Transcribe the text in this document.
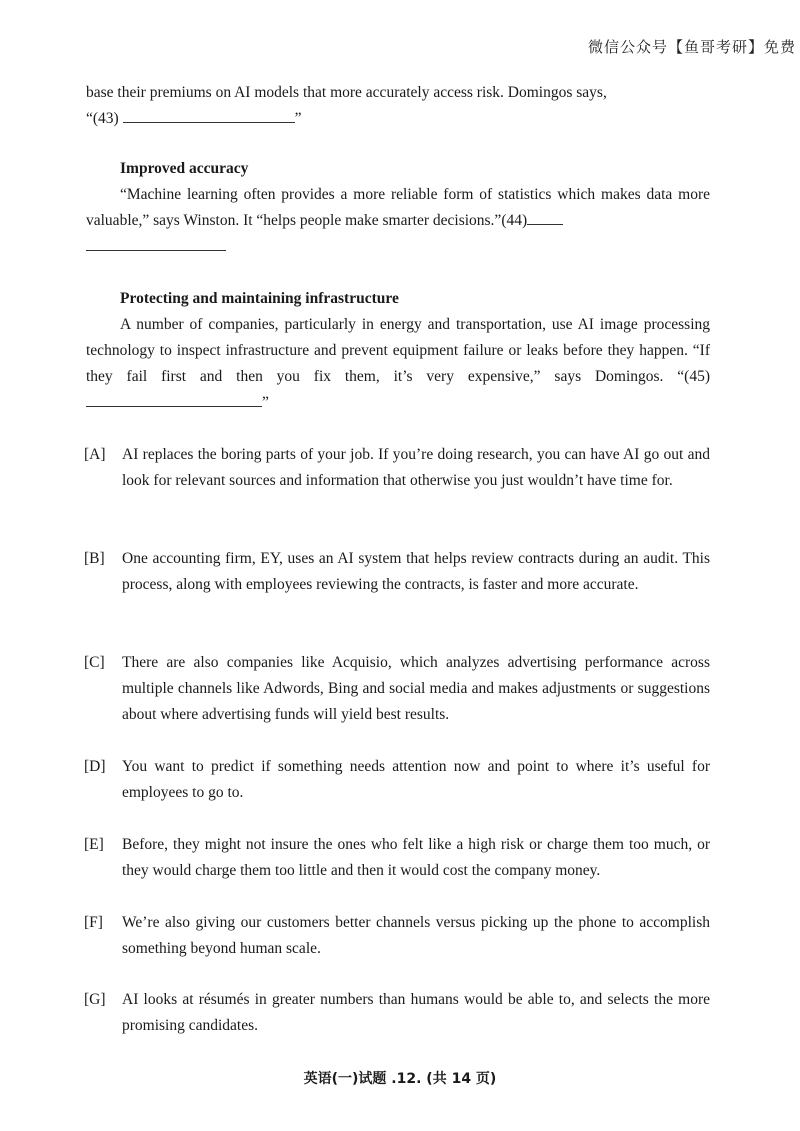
微信公众号【鱼哥考研】免费
base their premiums on AI models that more accurately access risk. Domingos says,
“(43)	”
Improved accuracy
“Machine learning often provides a more reliable form of statistics which makes data more valuable,” says Winston. It “helps people make smarter decisions.”(44)

Protecting and maintaining infrastructure
A number of companies, particularly in energy and transportation, use AI image processing technology to inspect infrastructure and prevent equipment failure or leaks before they happen. “If they fail first and then you fix them, it’s very expensive,” says Domingos. “(45)”
[A] AI replaces the boring parts of your job. If you’re doing research, you can have AI go out and look for relevant sources and information that otherwise you just wouldn’t have time for.
[B] One accounting firm, EY, uses an AI system that helps review contracts during an audit. This process, along with employees reviewing the contracts, is faster and more accurate.
[C] There are also companies like Acquisio, which analyzes advertising performance across multiple channels like Adwords, Bing and social media and makes adjustments or suggestions about where advertising funds will yield best results.
[D] You want to predict if something needs attention now and point to where it’s useful for employees to go to.
[E] Before, they might not insure the ones who felt like a high risk or charge them too much, or they would charge them too little and then it would cost the company money.
[F] We’re also giving our customers better channels versus picking up the phone to accomplish something beyond human scale.
[G] AI looks at résumés in greater numbers than humans would be able to, and selects the more promising candidates.
英语(一)试题 .12. (共 14 页)
